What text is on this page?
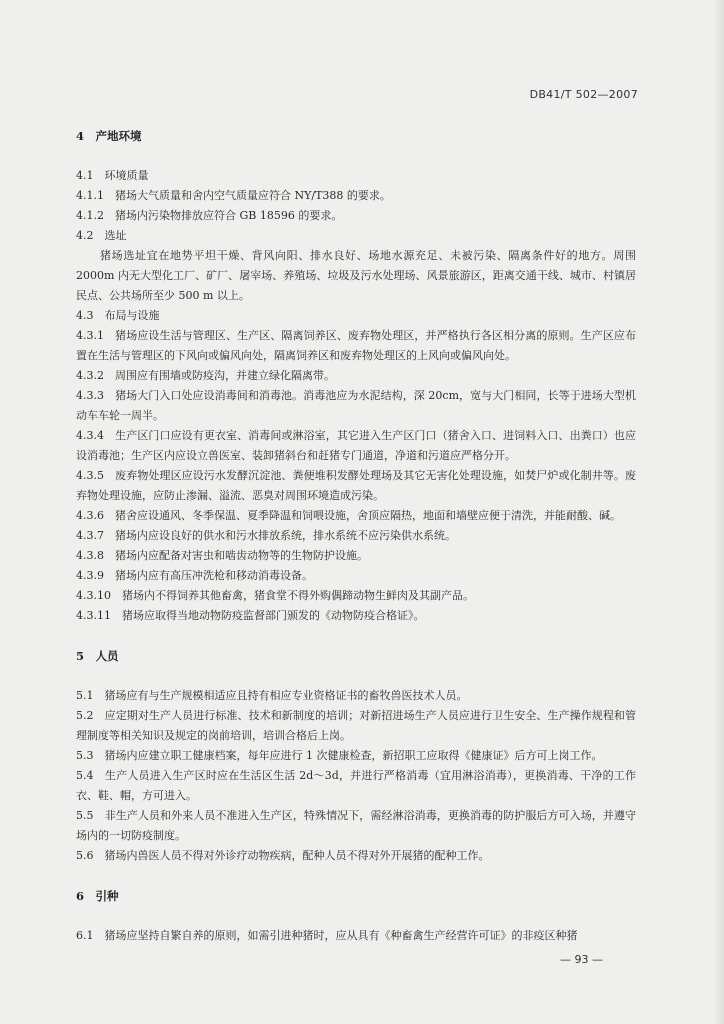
DB41/T 502—2007

4　产地环境

4.1　环境质量

4.1.1　猪场大气质量和舍内空气质量应符合 NY/T388 的要求。

4.1.2　猪场内污染物排放应符合 GB 18596 的要求。

4.2　选址

猪场选址宜在地势平坦干燥、背风向阳、排水良好、场地水源充足、未被污染、隔离条件好的地方。周围 2000m 内无大型化工厂、矿厂、屠宰场、养殖场、垃圾及污水处理场、风景旅游区，距离交通干线、城市、村镇居民点、公共场所至少 500 m 以上。

4.3　布局与设施

4.3.1　猪场应设生活与管理区、生产区、隔离饲养区、废弃物处理区，并严格执行各区相分离的原则。生产区应布置在生活与管理区的下风向或偏风向处，隔离饲养区和废弃物处理区的上风向或偏风向处。

4.3.2　周围应有围墙或防疫沟，并建立绿化隔离带。

4.3.3　猪场大门入口处应设消毒间和消毒池。消毒池应为水泥结构，深 20cm，宽与大门相同，长等于进场大型机动车车轮一周半。

4.3.4　生产区门口应设有更衣室、消毒间或淋浴室，其它进入生产区门口（猪舍入口、进饲料入口、出粪口）也应设消毒池；生产区内应设立兽医室、装卸猪斜台和赶猪专门通道，净道和污道应严格分开。

4.3.5　废弃物处理区应设污水发酵沉淀池、粪便堆积发酵处理场及其它无害化处理设施，如焚尸炉或化制井等。废弃物处理设施，应防止渗漏、溢流、恶臭对周围环境造成污染。

4.3.6　猪舍应设通风、冬季保温、夏季降温和饲喂设施，舍顶应隔热，地面和墙壁应便于清洗，并能耐酸、碱。

4.3.7　猪场内应设良好的供水和污水排放系统，排水系统不应污染供水系统。

4.3.8　猪场内应配备对害虫和啮齿动物等的生物防护设施。

4.3.9　猪场内应有高压冲洗枪和移动消毒设备。

4.3.10　猪场内不得饲养其他畜禽，猪食堂不得外购偶蹄动物生鲜肉及其副产品。

4.3.11　猪场应取得当地动物防疫监督部门颁发的《动物防疫合格证》。

5　人员

5.1　猪场应有与生产规模相适应且持有相应专业资格证书的畜牧兽医技术人员。

5.2　应定期对生产人员进行标准、技术和新制度的培训；对新招进场生产人员应进行卫生安全、生产操作规程和管理制度等相关知识及规定的岗前培训，培训合格后上岗。

5.3　猪场内应建立职工健康档案，每年应进行 1 次健康检查，新招职工应取得《健康证》后方可上岗工作。

5.4　生产人员进入生产区时应在生活区生活 2d～3d，并进行严格消毒（宜用淋浴消毒），更换消毒、干净的工作衣、鞋、帽，方可进入。

5.5　非生产人员和外来人员不准进入生产区，特殊情况下，需经淋浴消毒，更换消毒的防护服后方可入场，并遵守场内的一切防疫制度。

5.6　猪场内兽医人员不得对外诊疗动物疾病，配种人员不得对外开展猪的配种工作。

6　引种

6.1　猪场应坚持自繁自养的原则，如需引进种猪时，应从具有《种畜禽生产经营许可证》的非疫区种猪

— 93 —
